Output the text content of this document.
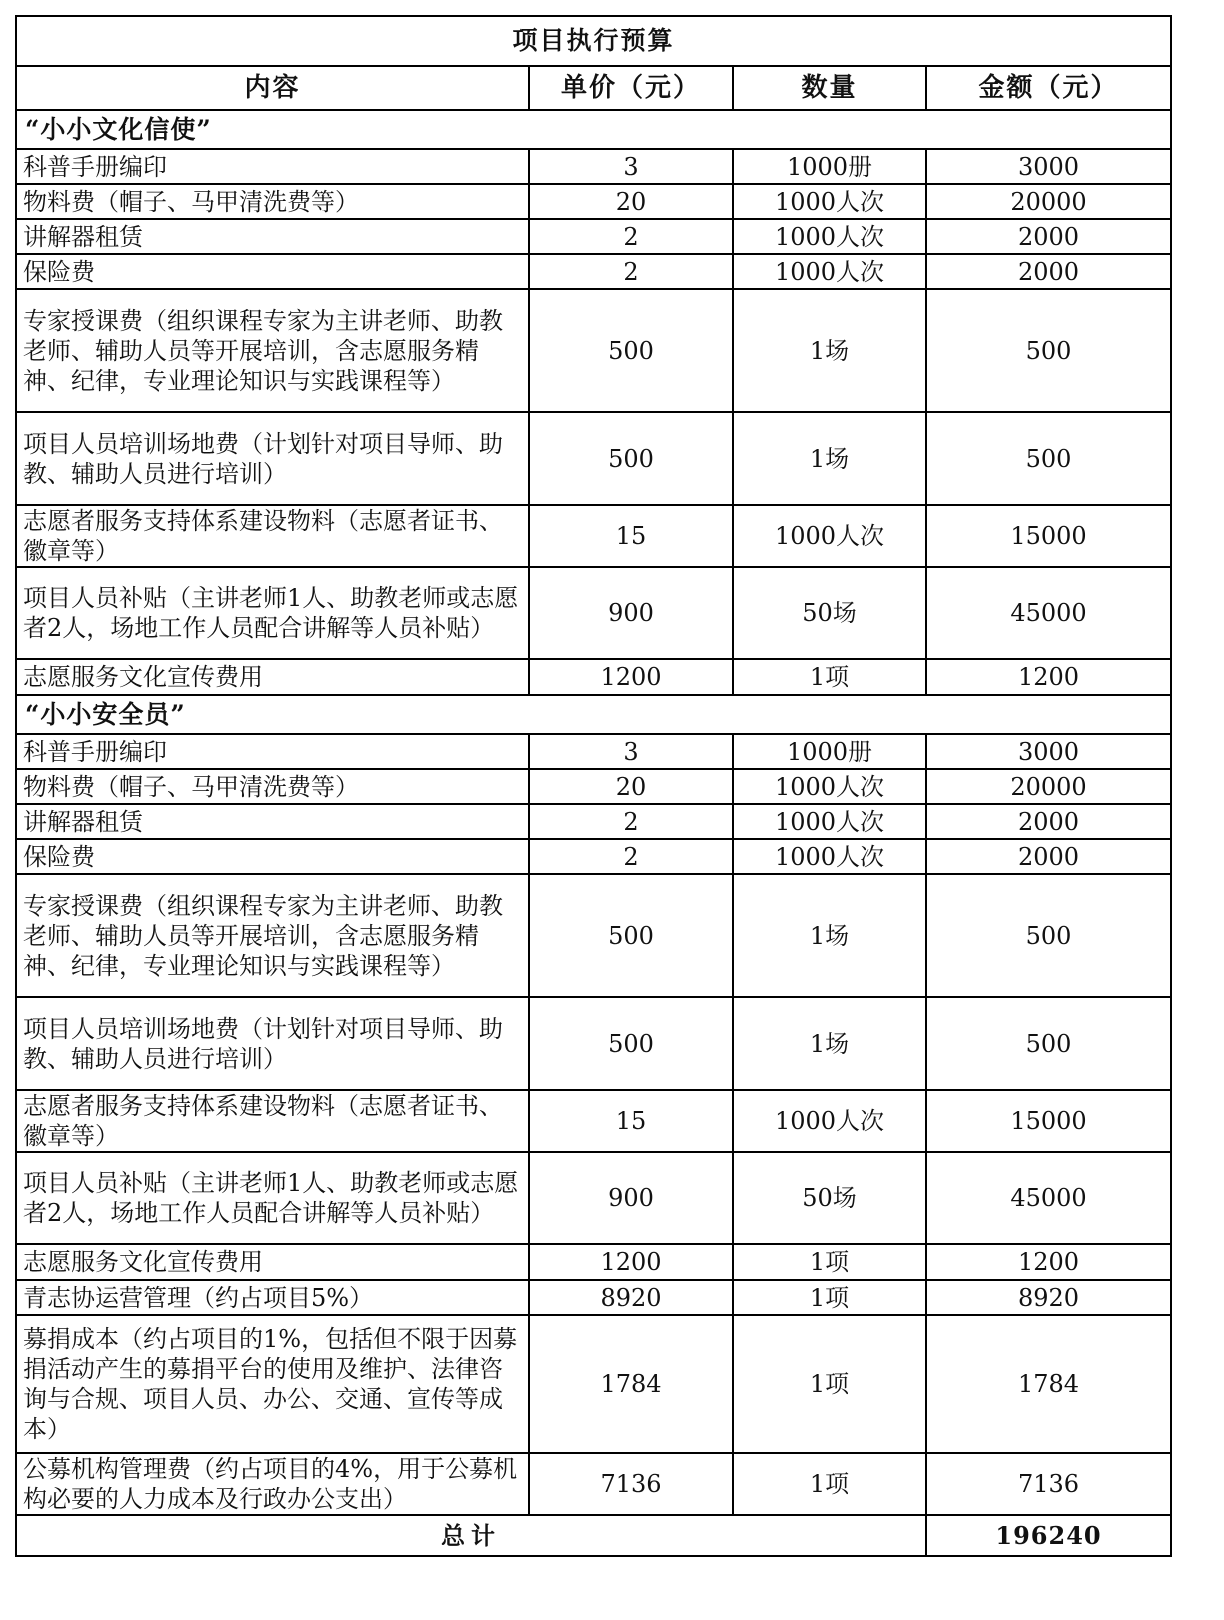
项目执行预算			
内容	单价（元）	数量	金额（元）
“小小文化信使”			
科普手册编印	3	1000册	3000
物料费（帽子、马甲清洗费等）	20	1000人次	20000
讲解器租赁	2	1000人次	2000
保险费	2	1000人次	2000
专家授课费（组织课程专家为主讲老师、助教老师、辅助人员等开展培训，含志愿服务精神、纪律，专业理论知识与实践课程等）	500	1场	500
项目人员培训场地费（计划针对项目导师、助教、辅助人员进行培训）	500	1场	500
志愿者服务支持体系建设物料（志愿者证书、徽章等）	15	1000人次	15000
项目人员补贴（主讲老师1人、助教老师或志愿者2人，场地工作人员配合讲解等人员补贴）	900	50场	45000
志愿服务文化宣传费用	1200	1项	1200
“小小安全员”			
科普手册编印	3	1000册	3000
物料费（帽子、马甲清洗费等）	20	1000人次	20000
讲解器租赁	2	1000人次	2000
保险费	2	1000人次	2000
专家授课费（组织课程专家为主讲老师、助教老师、辅助人员等开展培训，含志愿服务精神、纪律，专业理论知识与实践课程等）	500	1场	500
项目人员培训场地费（计划针对项目导师、助教、辅助人员进行培训）	500	1场	500
志愿者服务支持体系建设物料（志愿者证书、徽章等）	15	1000人次	15000
项目人员补贴（主讲老师1人、助教老师或志愿者2人，场地工作人员配合讲解等人员补贴）	900	50场	45000
志愿服务文化宣传费用	1200	1项	1200
青志协运营管理（约占项目5%）	8920	1项	8920
募捐成本（约占项目的1%，包括但不限于因募捐活动产生的募捐平台的使用及维护、法律咨询与合规、项目人员、办公、交通、宣传等成本）	1784	1项	1784
公募机构管理费（约占项目的4%，用于公募机构必要的人力成本及行政办公支出）	7136	1项	7136
总计			196240
